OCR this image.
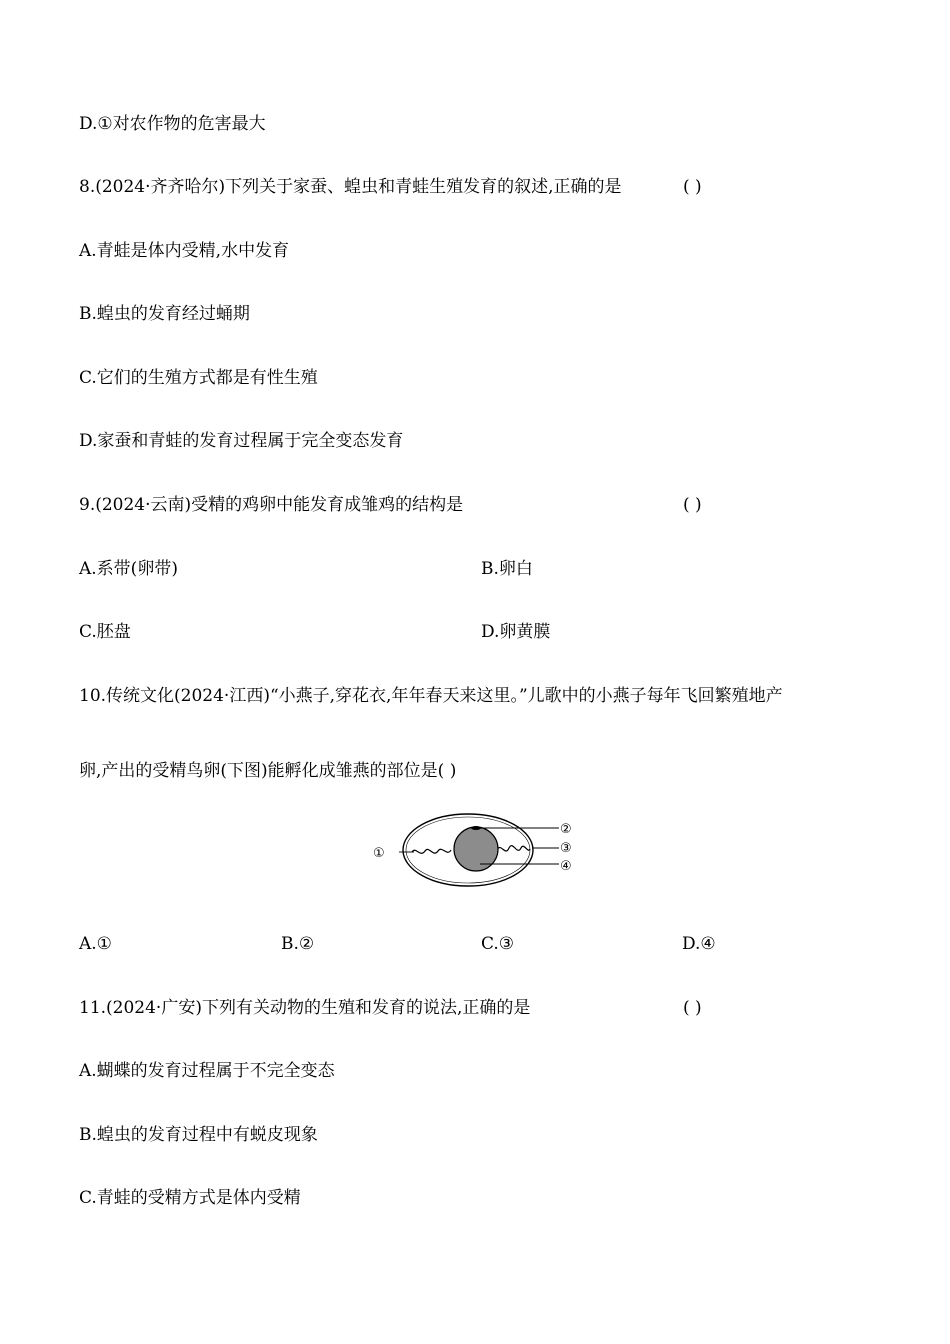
D.①对农作物的危害最大
8.(2024·齐齐哈尔)下列关于家蚕、蝗虫和青蛙生殖发育的叙述,正确的是	( )
A.青蛙是体内受精,水中发育
B.蝗虫的发育经过蛹期
C.它们的生殖方式都是有性生殖
D.家蚕和青蛙的发育过程属于完全变态发育
9.(2024·云南)受精的鸡卵中能发育成雏鸡的结构是	( )
A.系带(卵带)	B.卵白
C.胚盘	D.卵黄膜
10.传统文化(2024·江西)“小燕子,穿花衣,年年春天来这里。”儿歌中的小燕子每年飞回繁殖地产
卵,产出的受精鸟卵(下图)能孵化成雏燕的部位是( )
①
②
③
④
A.①	B.②	C.③	D.④
11.(2024·广安)下列有关动物的生殖和发育的说法,正确的是	( )
A.蝴蝶的发育过程属于不完全变态
B.蝗虫的发育过程中有蜕皮现象
C.青蛙的受精方式是体内受精
